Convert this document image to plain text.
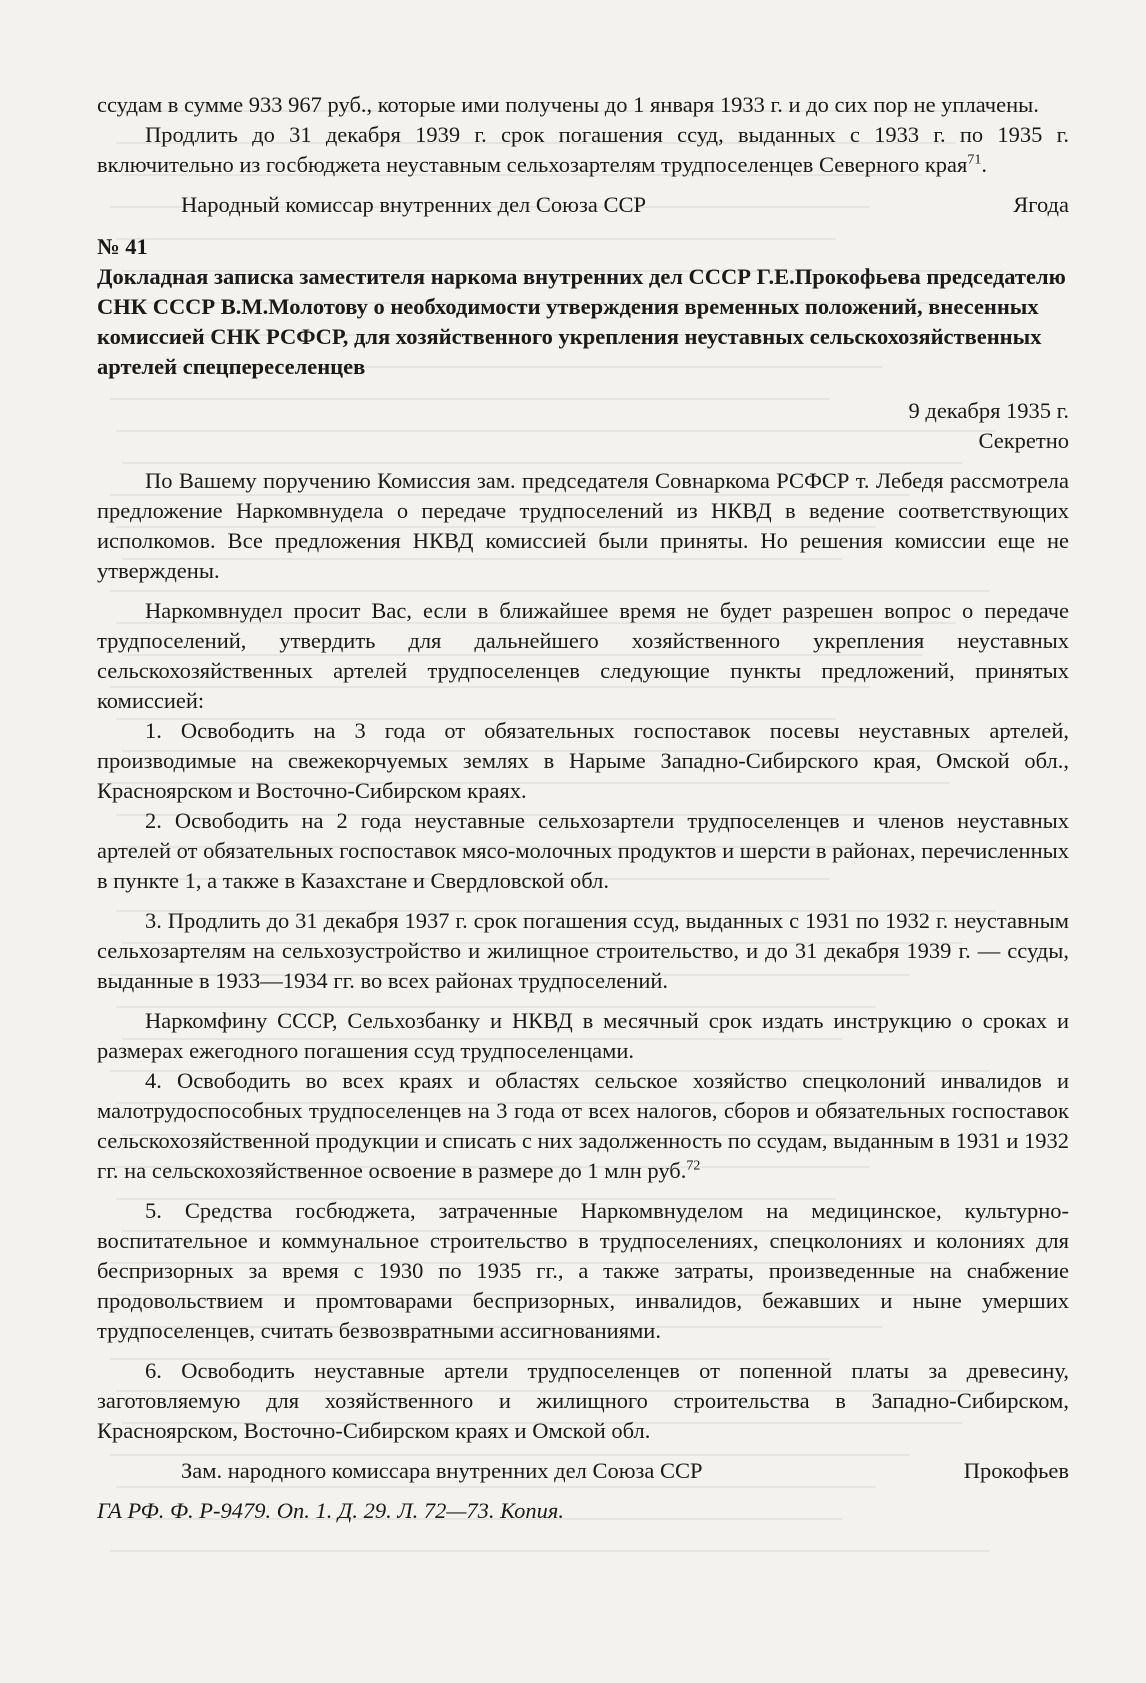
ссудам в сумме 933 967 руб., которые ими получены до 1 января 1933 г. и до сих пор не уплачены.

Продлить до 31 декабря 1939 г. срок погашения ссуд, выданных с 1933 г. по 1935 г. включительно из госбюджета неуставным сельхозартелям трудпоселенцев Северного края$^{71}$.

Народный комиссар внутренних дел Союза ССР	Ягода

№ 41

Докладная записка заместителя наркома внутренних дел СССР Г.Е.Прокофьева председателю СНК СССР В.М.Молотову о необходимости утверждения временных положений, внесенных комиссией СНК РСФСР, для хозяйственного укрепления неуставных сельскохозяйственных артелей спецпереселенцев

9 декабря 1935 г.

Секретно

По Вашему поручению Комиссия зам. председателя Совнаркома РСФСР т. Лебедя рассмотрела предложение Наркомвнудела о передаче трудпоселений из НКВД в ведение соответствующих исполкомов. Все предложения НКВД комиссией были приняты. Но решения комиссии еще не утверждены.

Наркомвнудел просит Вас, если в ближайшее время не будет разрешен вопрос о передаче трудпоселений, утвердить для дальнейшего хозяйственного укрепления неуставных сельскохозяйственных артелей трудпоселенцев следующие пункты предложений, принятых комиссией:

1. Освободить на 3 года от обязательных госпоставок посевы неуставных артелей, производимые на свежекорчуемых землях в Нарыме Западно-Сибирского края, Омской обл., Красноярском и Восточно-Сибирском краях.

2. Освободить на 2 года неуставные сельхозартели трудпоселенцев и членов неуставных артелей от обязательных госпоставок мясо-молочных продуктов и шерсти в районах, перечисленных в пункте 1, а также в Казахстане и Свердловской обл.

3. Продлить до 31 декабря 1937 г. срок погашения ссуд, выданных с 1931 по 1932 г. неуставным сельхозартелям на сельхозустройство и жилищное строительство, и до 31 декабря 1939 г. — ссуды, выданные в 1933—1934 гг. во всех районах трудпоселений.

Наркомфину СССР, Сельхозбанку и НКВД в месячный срок издать инструкцию о сроках и размерах ежегодного погашения ссуд трудпоселенцами.

4. Освободить во всех краях и областях сельское хозяйство спецколоний инвалидов и малотрудоспособных трудпоселенцев на 3 года от всех налогов, сборов и обязательных госпоставок сельскохозяйственной продукции и списать с них задолженность по ссудам, выданным в 1931 и 1932 гг. на сельскохозяйственное освоение в размере до 1 млн руб.$^{72}$

5. Средства госбюджета, затраченные Наркомвнуделом на медицинское, культурно-воспитательное и коммунальное строительство в трудпоселениях, спецколониях и колониях для беспризорных за время с 1930 по 1935 гг., а также затраты, произведенные на снабжение продовольствием и промтоварами беспризорных, инвалидов, бежавших и ныне умерших трудпоселенцев, считать безвозвратными ассигнованиями.

6. Освободить неуставные артели трудпоселенцев от попенной платы за древесину, заготовляемую для хозяйственного и жилищного строительства в Западно-Сибирском, Красноярском, Восточно-Сибирском краях и Омской обл.

Зам. народного комиссара внутренних дел Союза ССР	Прокофьев

ГА РФ. Ф. Р-9479. Оп. 1. Д. 29. Л. 72—73. Копия.
